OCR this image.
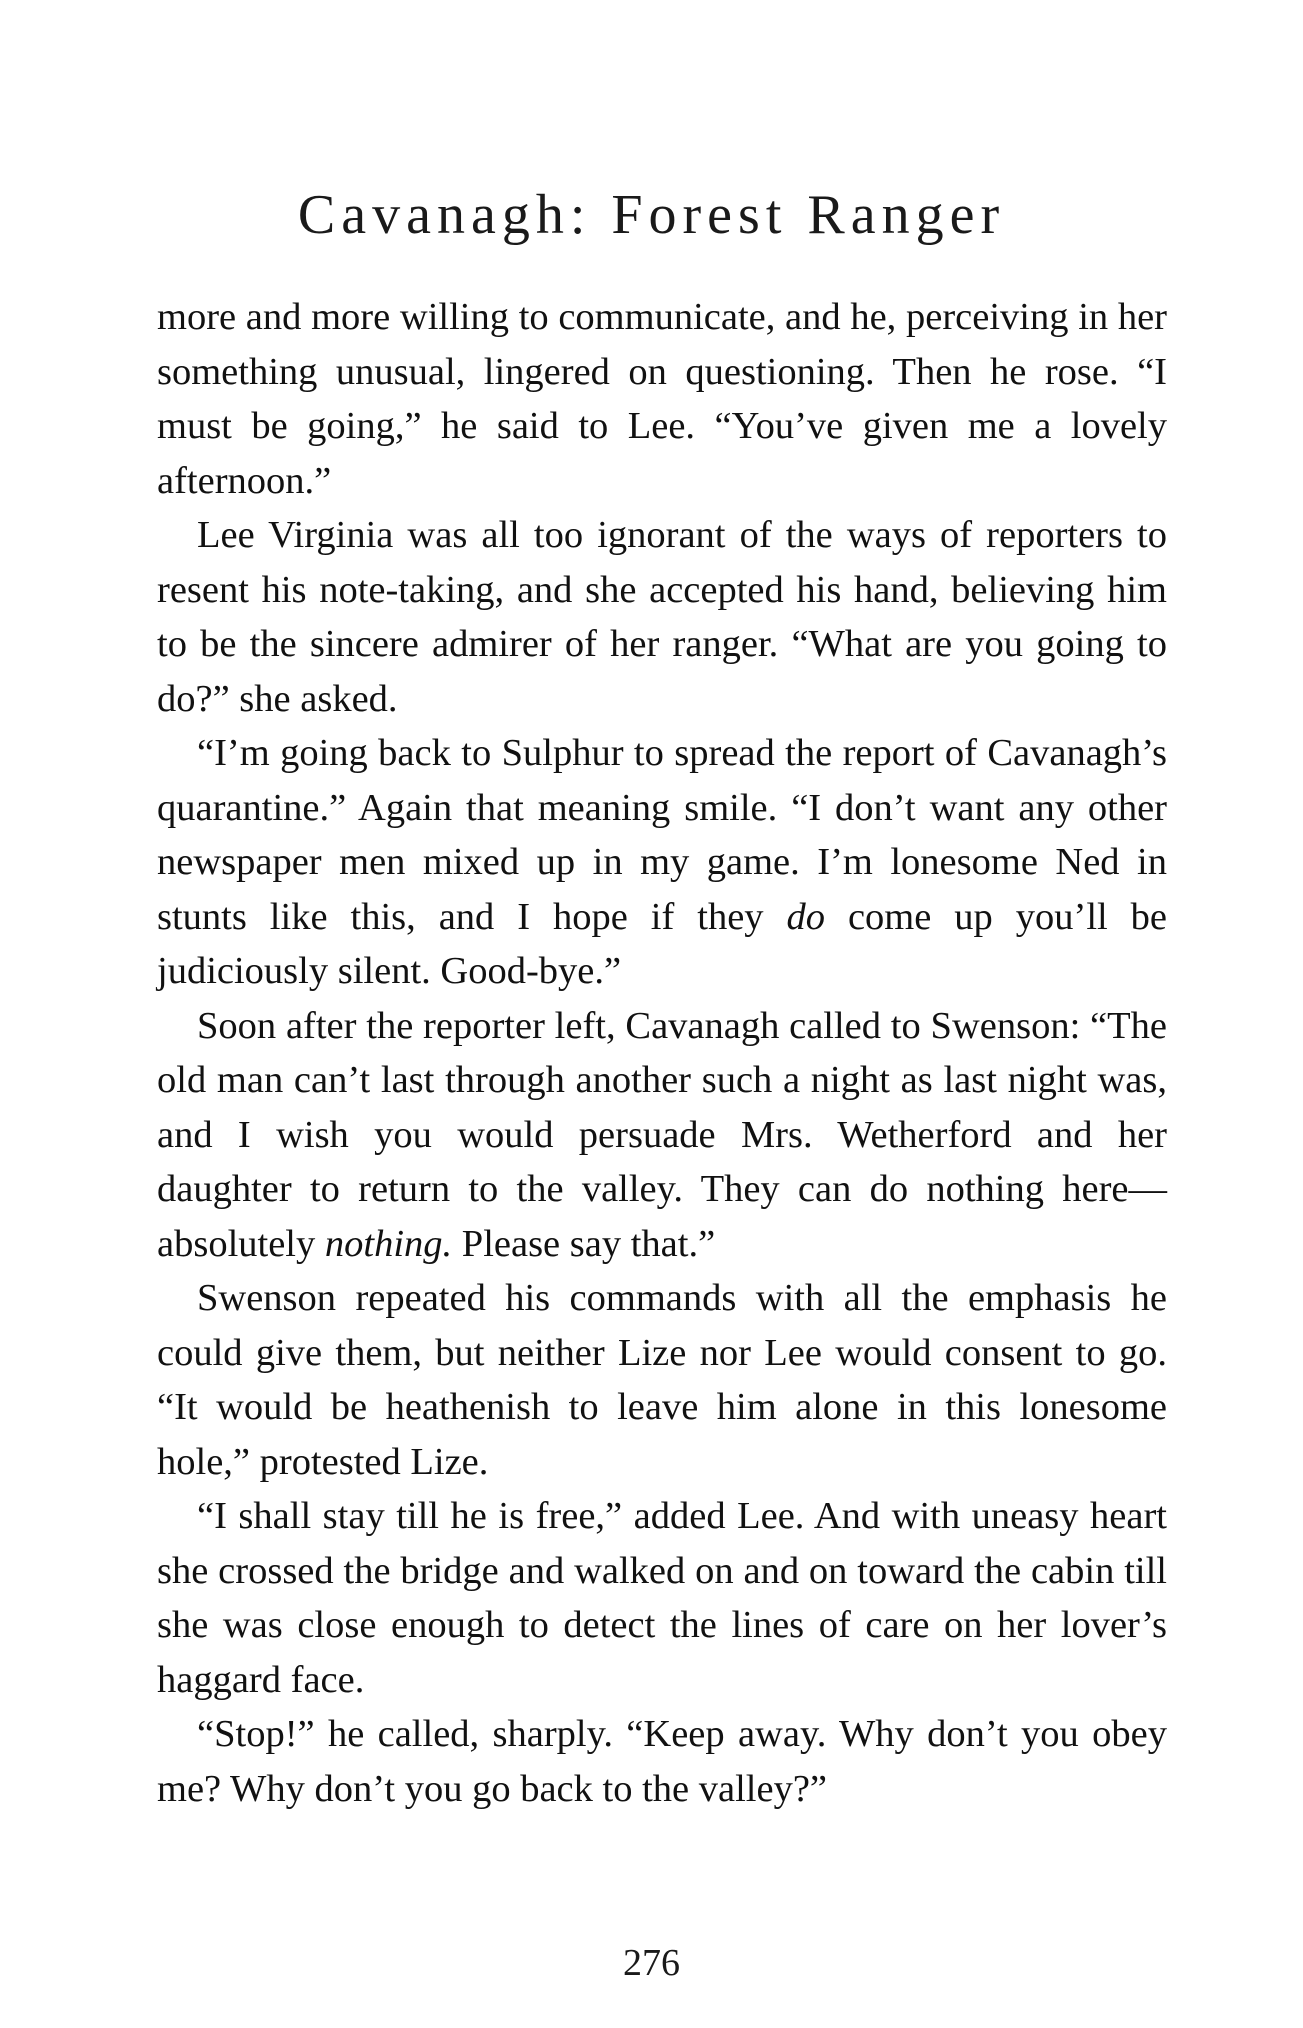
Cavanagh: Forest Ranger

more and more willing to communicate, and he, perceiving in her something unusual, lingered on questioning. Then he rose. “I must be going,” he said to Lee. “You’ve given me a lovely afternoon.”

Lee Virginia was all too ignorant of the ways of reporters to resent his note-taking, and she accepted his hand, believing him to be the sincere admirer of her ranger. “What are you going to do?” she asked.

“I’m going back to Sulphur to spread the report of Cavanagh’s quarantine.” Again that meaning smile. “I don’t want any other newspaper men mixed up in my game. I’m lonesome Ned in stunts like this, and I hope if they do come up you’ll be judiciously silent. Good-bye.”

Soon after the reporter left, Cavanagh called to Swenson: “The old man can’t last through another such a night as last night was, and I wish you would persuade Mrs. Wetherford and her daughter to return to the valley. They can do nothing here—absolutely nothing. Please say that.”

Swenson repeated his commands with all the emphasis he could give them, but neither Lize nor Lee would consent to go. “It would be heathenish to leave him alone in this lonesome hole,” protested Lize.

“I shall stay till he is free,” added Lee. And with uneasy heart she crossed the bridge and walked on and on toward the cabin till she was close enough to detect the lines of care on her lover’s haggard face.

“Stop!” he called, sharply. “Keep away. Why don’t you obey me? Why don’t you go back to the valley?”

276
